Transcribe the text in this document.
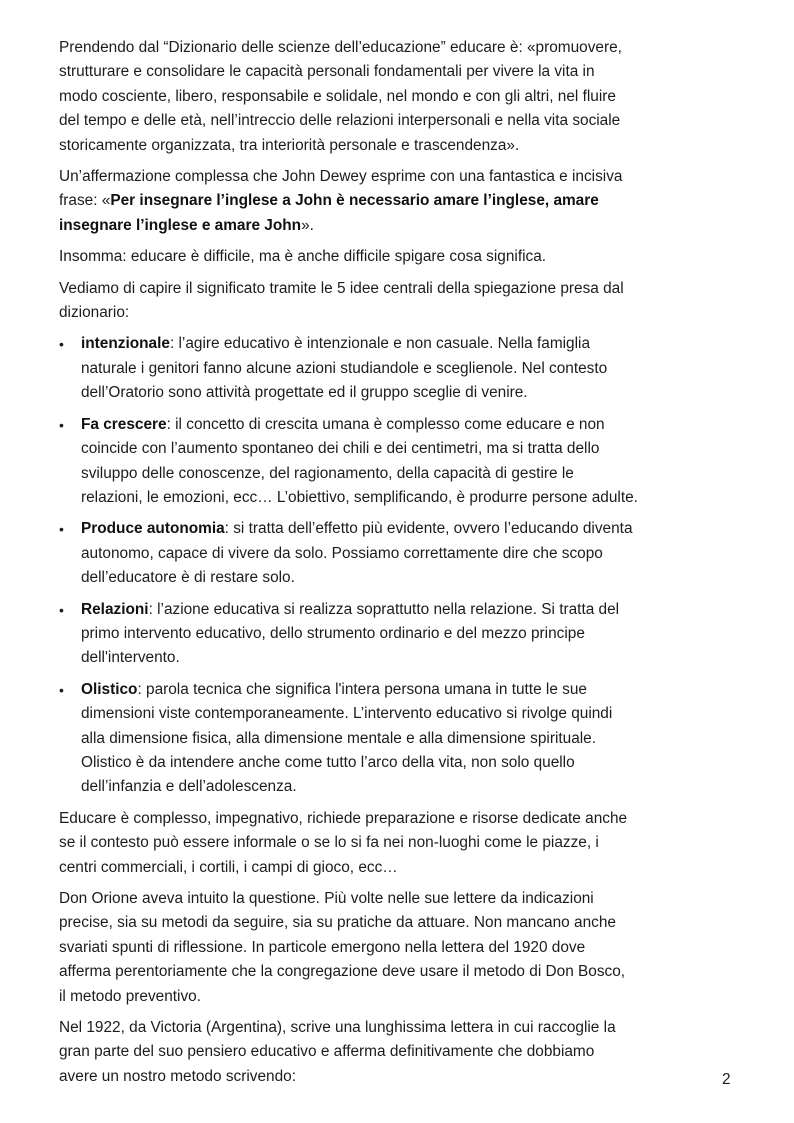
Prendendo dal “Dizionario delle scienze dell’educazione” educare è: «promuovere,
strutturare e consolidare le capacità personali fondamentali per vivere la vita in
modo cosciente, libero, responsabile e solidale, nel mondo e con gli altri, nel fluire
del tempo e delle età, nell’intreccio delle relazioni interpersonali e nella vita sociale
storicamente organizzata, tra interiorità personale e trascendenza».

Un’affermazione complessa che John Dewey esprime con una fantastica e incisiva
frase: «Per insegnare l’inglese a John è necessario amare l’inglese, amare
insegnare l’inglese e amare John».

Insomma: educare è difficile, ma è anche difficile spigare cosa significa.

Vediamo di capire il significato tramite le 5 idee centrali della spiegazione presa dal
dizionario:

• intenzionale: l’agire educativo è intenzionale e non casuale. Nella famiglia
naturale i genitori fanno alcune azioni studiandole e sceglienole. Nel contesto
dell’Oratorio sono attività progettate ed il gruppo sceglie di venire.
• Fa crescere: il concetto di crescita umana è complesso come educare e non
coincide con l’aumento spontaneo dei chili e dei centimetri, ma si tratta dello
sviluppo delle conoscenze, del ragionamento, della capacità di gestire le
relazioni, le emozioni, ecc… L’obiettivo, semplificando, è produrre persone adulte.
• Produce autonomia: si tratta dell’effetto più evidente, ovvero l’educando diventa
autonomo, capace di vivere da solo. Possiamo correttamente dire che scopo
dell’educatore è di restare solo.
• Relazioni: l’azione educativa si realizza soprattutto nella relazione. Si tratta del
primo intervento educativo, dello strumento ordinario e del mezzo principe
dell'intervento.
• Olistico: parola tecnica che significa l'intera persona umana in tutte le sue
dimensioni viste contemporaneamente. L’intervento educativo si rivolge quindi
alla dimensione fisica, alla dimensione mentale e alla dimensione spirituale.
Olistico è da intendere anche come tutto l’arco della vita, non solo quello
dell’infanzia e dell’adolescenza.

Educare è complesso, impegnativo, richiede preparazione e risorse dedicate anche
se il contesto può essere informale o se lo si fa nei non-luoghi come le piazze, i
centri commerciali, i cortili, i campi di gioco, ecc…

Don Orione aveva intuito la questione. Più volte nelle sue lettere da indicazioni
precise, sia su metodi da seguire, sia su pratiche da attuare. Non mancano anche
svariati spunti di riflessione. In particole emergono nella lettera del 1920 dove
afferma perentoriamente che la congregazione deve usare il metodo di Don Bosco,
il metodo preventivo.

Nel 1922, da Victoria (Argentina), scrive una lunghissima lettera in cui raccoglie la
gran parte del suo pensiero educativo e afferma definitivamente che dobbiamo
avere un nostro metodo scrivendo:	2
